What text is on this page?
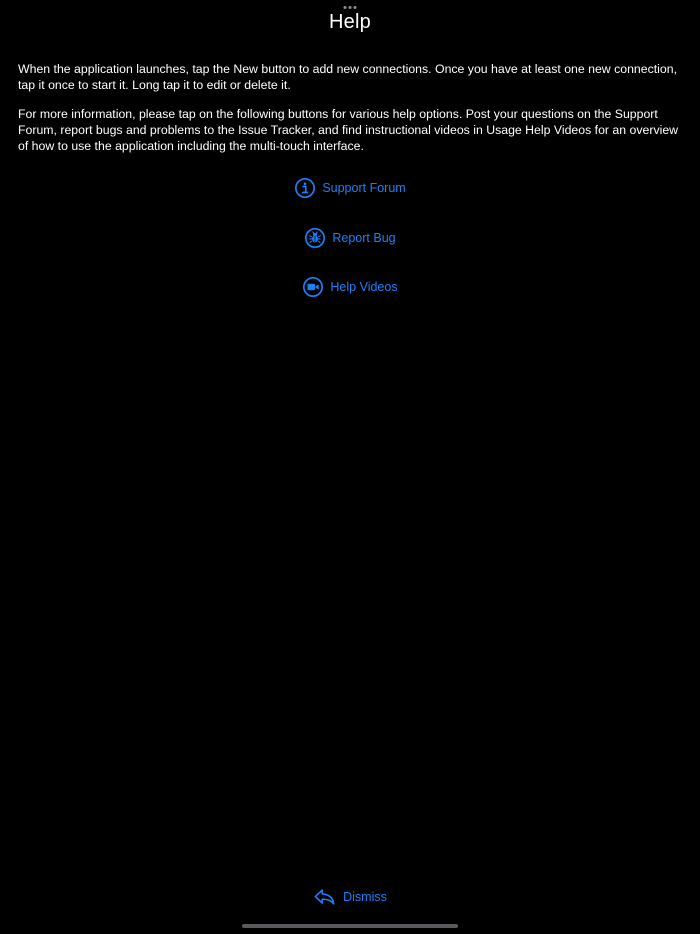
Help
When the application launches, tap the New button to add new connections. Once you have at least one new connection, tap it once to start it. Long tap it to edit or delete it.
For more information, please tap on the following buttons for various help options. Post your questions on the Support Forum, report bugs and problems to the Issue Tracker, and find instructional videos in Usage Help Videos for an overview of how to use the application including the multi-touch interface.
Support Forum
Report Bug
Help Videos
Dismiss
